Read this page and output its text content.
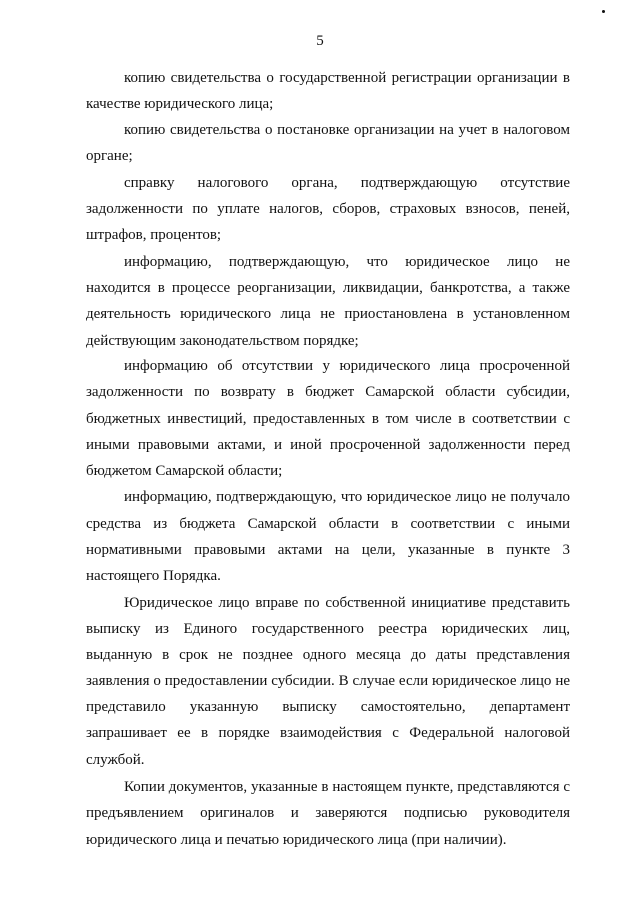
5

копию свидетельства о государственной регистрации организации в

качестве юридического лица;

копию свидетельства о постановке организации на учет в налоговом

органе;

справку налогового органа, подтверждающую отсутствие

задолженности по уплате налогов, сборов, страховых взносов, пеней,

штрафов, процентов;

информацию, подтверждающую, что юридическое лицо не

находится в процессе реорганизации, ликвидации, банкротства, а также

деятельность юридического лица не приостановлена в установленном

действующим законодательством порядке;

информацию об отсутствии у юридического лица просроченной

задолженности по возврату в бюджет Самарской области субсидии,

бюджетных инвестиций, предоставленных в том числе в соответствии с

иными правовыми актами, и иной просроченной задолженности перед

бюджетом Самарской области;

информацию, подтверждающую, что юридическое лицо не получало

средства из бюджета Самарской области в соответствии с иными

нормативными правовыми актами на цели, указанные в пункте 3

настоящего Порядка.

Юридическое лицо вправе по собственной инициативе представить

выписку из Единого государственного реестра юридических лиц,

выданную в срок не позднее одного месяца до даты представления

заявления о предоставлении субсидии. В случае если юридическое лицо не

представило указанную выписку самостоятельно, департамент

запрашивает ее в порядке взаимодействия с Федеральной налоговой

службой.

Копии документов, указанные в настоящем пункте, представляются с

предъявлением оригиналов и заверяются подписью руководителя

юридического лица и печатью юридического лица (при наличии).
